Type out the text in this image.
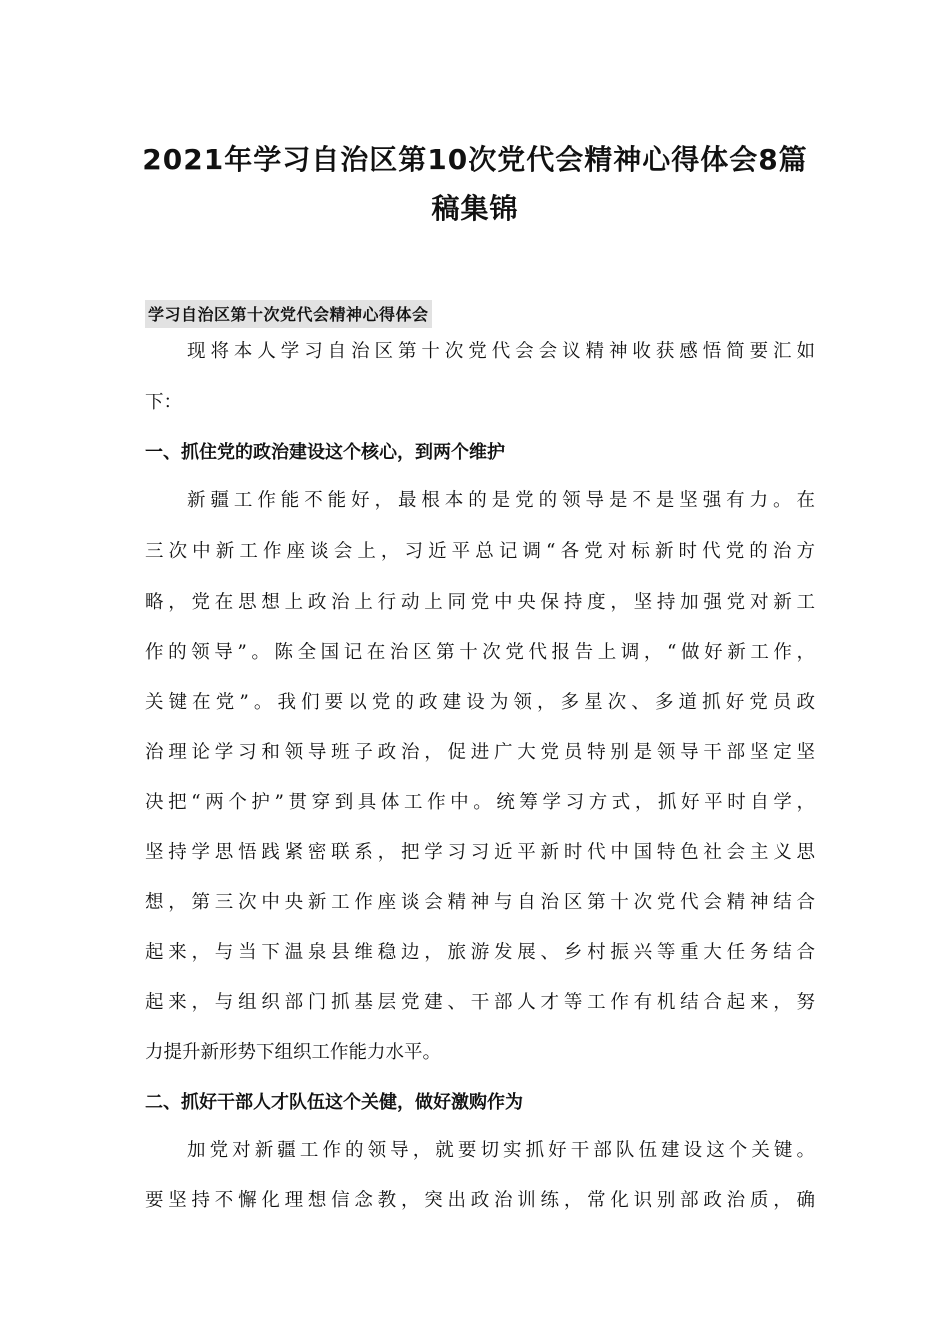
2021年学习自治区第10次党代会精神心得体会8篇
稿集锦
学习自治区第十次党代会精神心得体会
现将本人学习自治区第十次党代会会议精神收获感悟简要汇如
下：
一、抓住党的政治建设这个核心，到两个维护
新疆工作能不能好，最根本的是党的领导是不是坚强有力。在
三次中新工作座谈会上，习近平总记调“各党对标新时代党的治方
略，党在思想上政治上行动上同党中央保持度，坚持加强党对新工
作的领导”。陈全国记在治区第十次党代报告上调，“做好新工作，
关键在党”。我们要以党的政建设为领，多星次、多道抓好党员政
治理论学习和领导班子政治，促进广大党员特别是领导干部坚定坚
决把“两个护”贯穿到具体工作中。统筹学习方式，抓好平时自学，
坚持学思悟践紧密联系，把学习习近平新时代中国特色社会主义思
想，第三次中央新工作座谈会精神与自治区第十次党代会精神结合
起来，与当下温泉县维稳边，旅游发展、乡村振兴等重大任务结合
起来，与组织部门抓基层党建、干部人才等工作有机结合起来，努
力提升新形势下组织工作能力水平。
二、抓好干部人才队伍这个关健，做好激购作为
加党对新疆工作的领导，就要切实抓好干部队伍建设这个关键。
要坚持不懈化理想信念教，突出政治训练，常化识别部政治质，确
